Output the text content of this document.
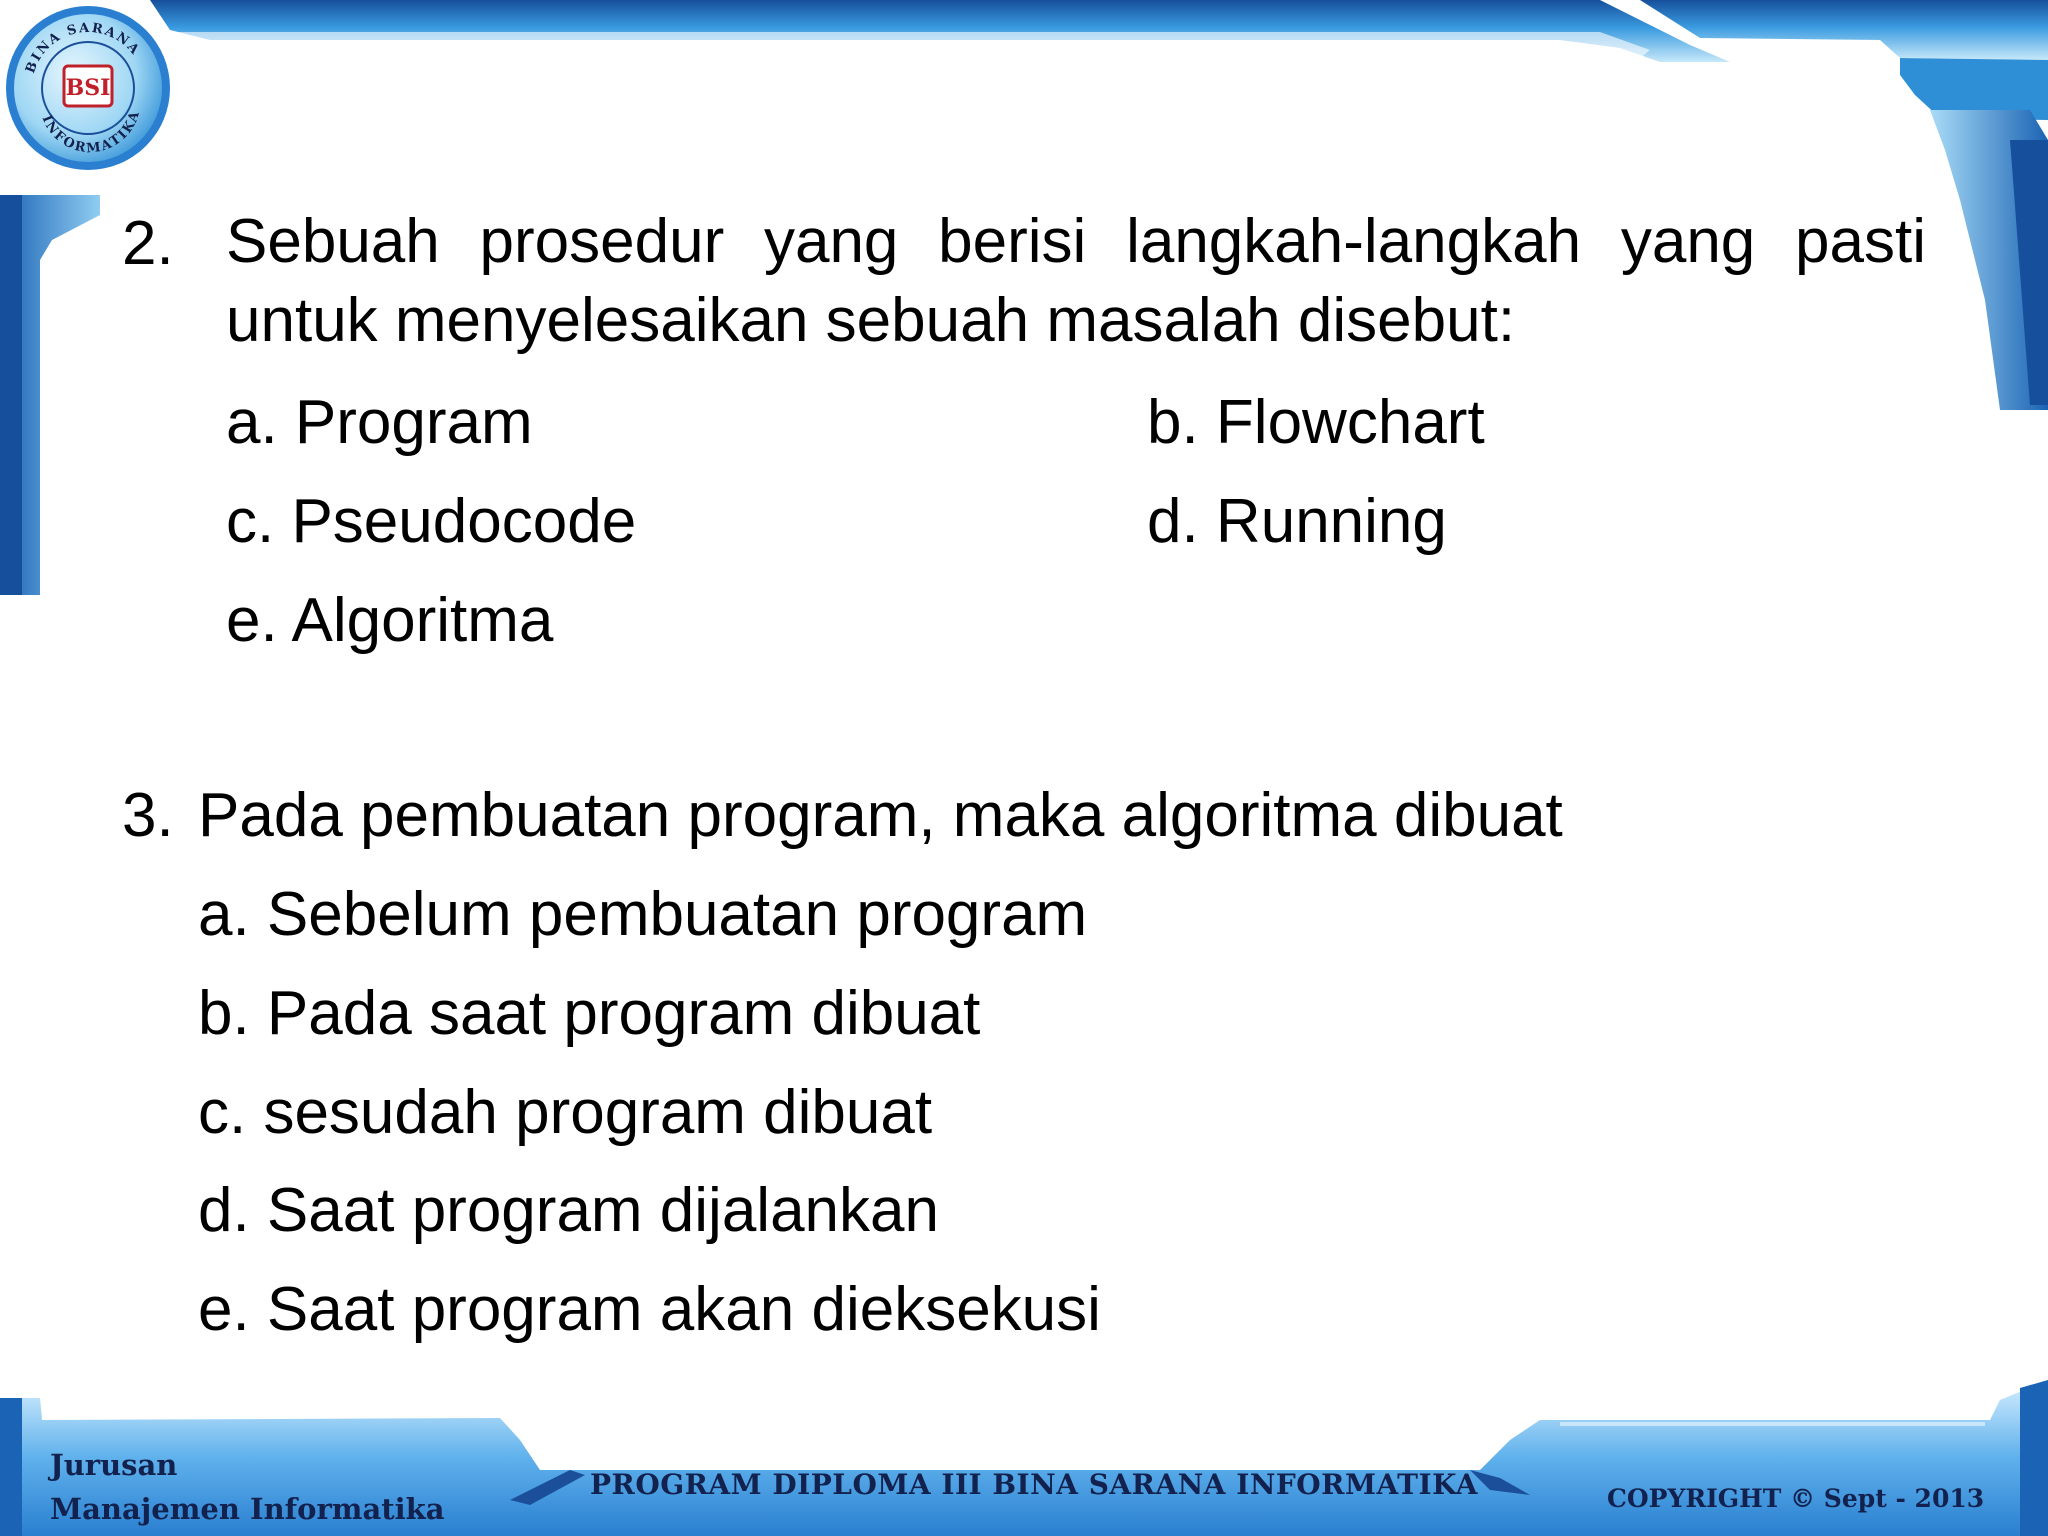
BINA SARANA
INFORMATIKA
BSI
2. Sebuah prosedur yang berisi langkah-langkah yang pasti untuk menyelesaikan sebuah masalah disebut:
a. Program	b. Flowchart
c. Pseudocode	d. Running
e. Algoritma
3. Pada pembuatan program, maka algoritma dibuat
a. Sebelum pembuatan program
b. Pada saat program dibuat
c. sesudah program dibuat
d. Saat program dijalankan
e. Saat program akan dieksekusi
Jurusan
Manajemen Informatika
PROGRAM DIPLOMA III BINA SARANA INFORMATIKA	COPYRIGHT © Sept - 2013
